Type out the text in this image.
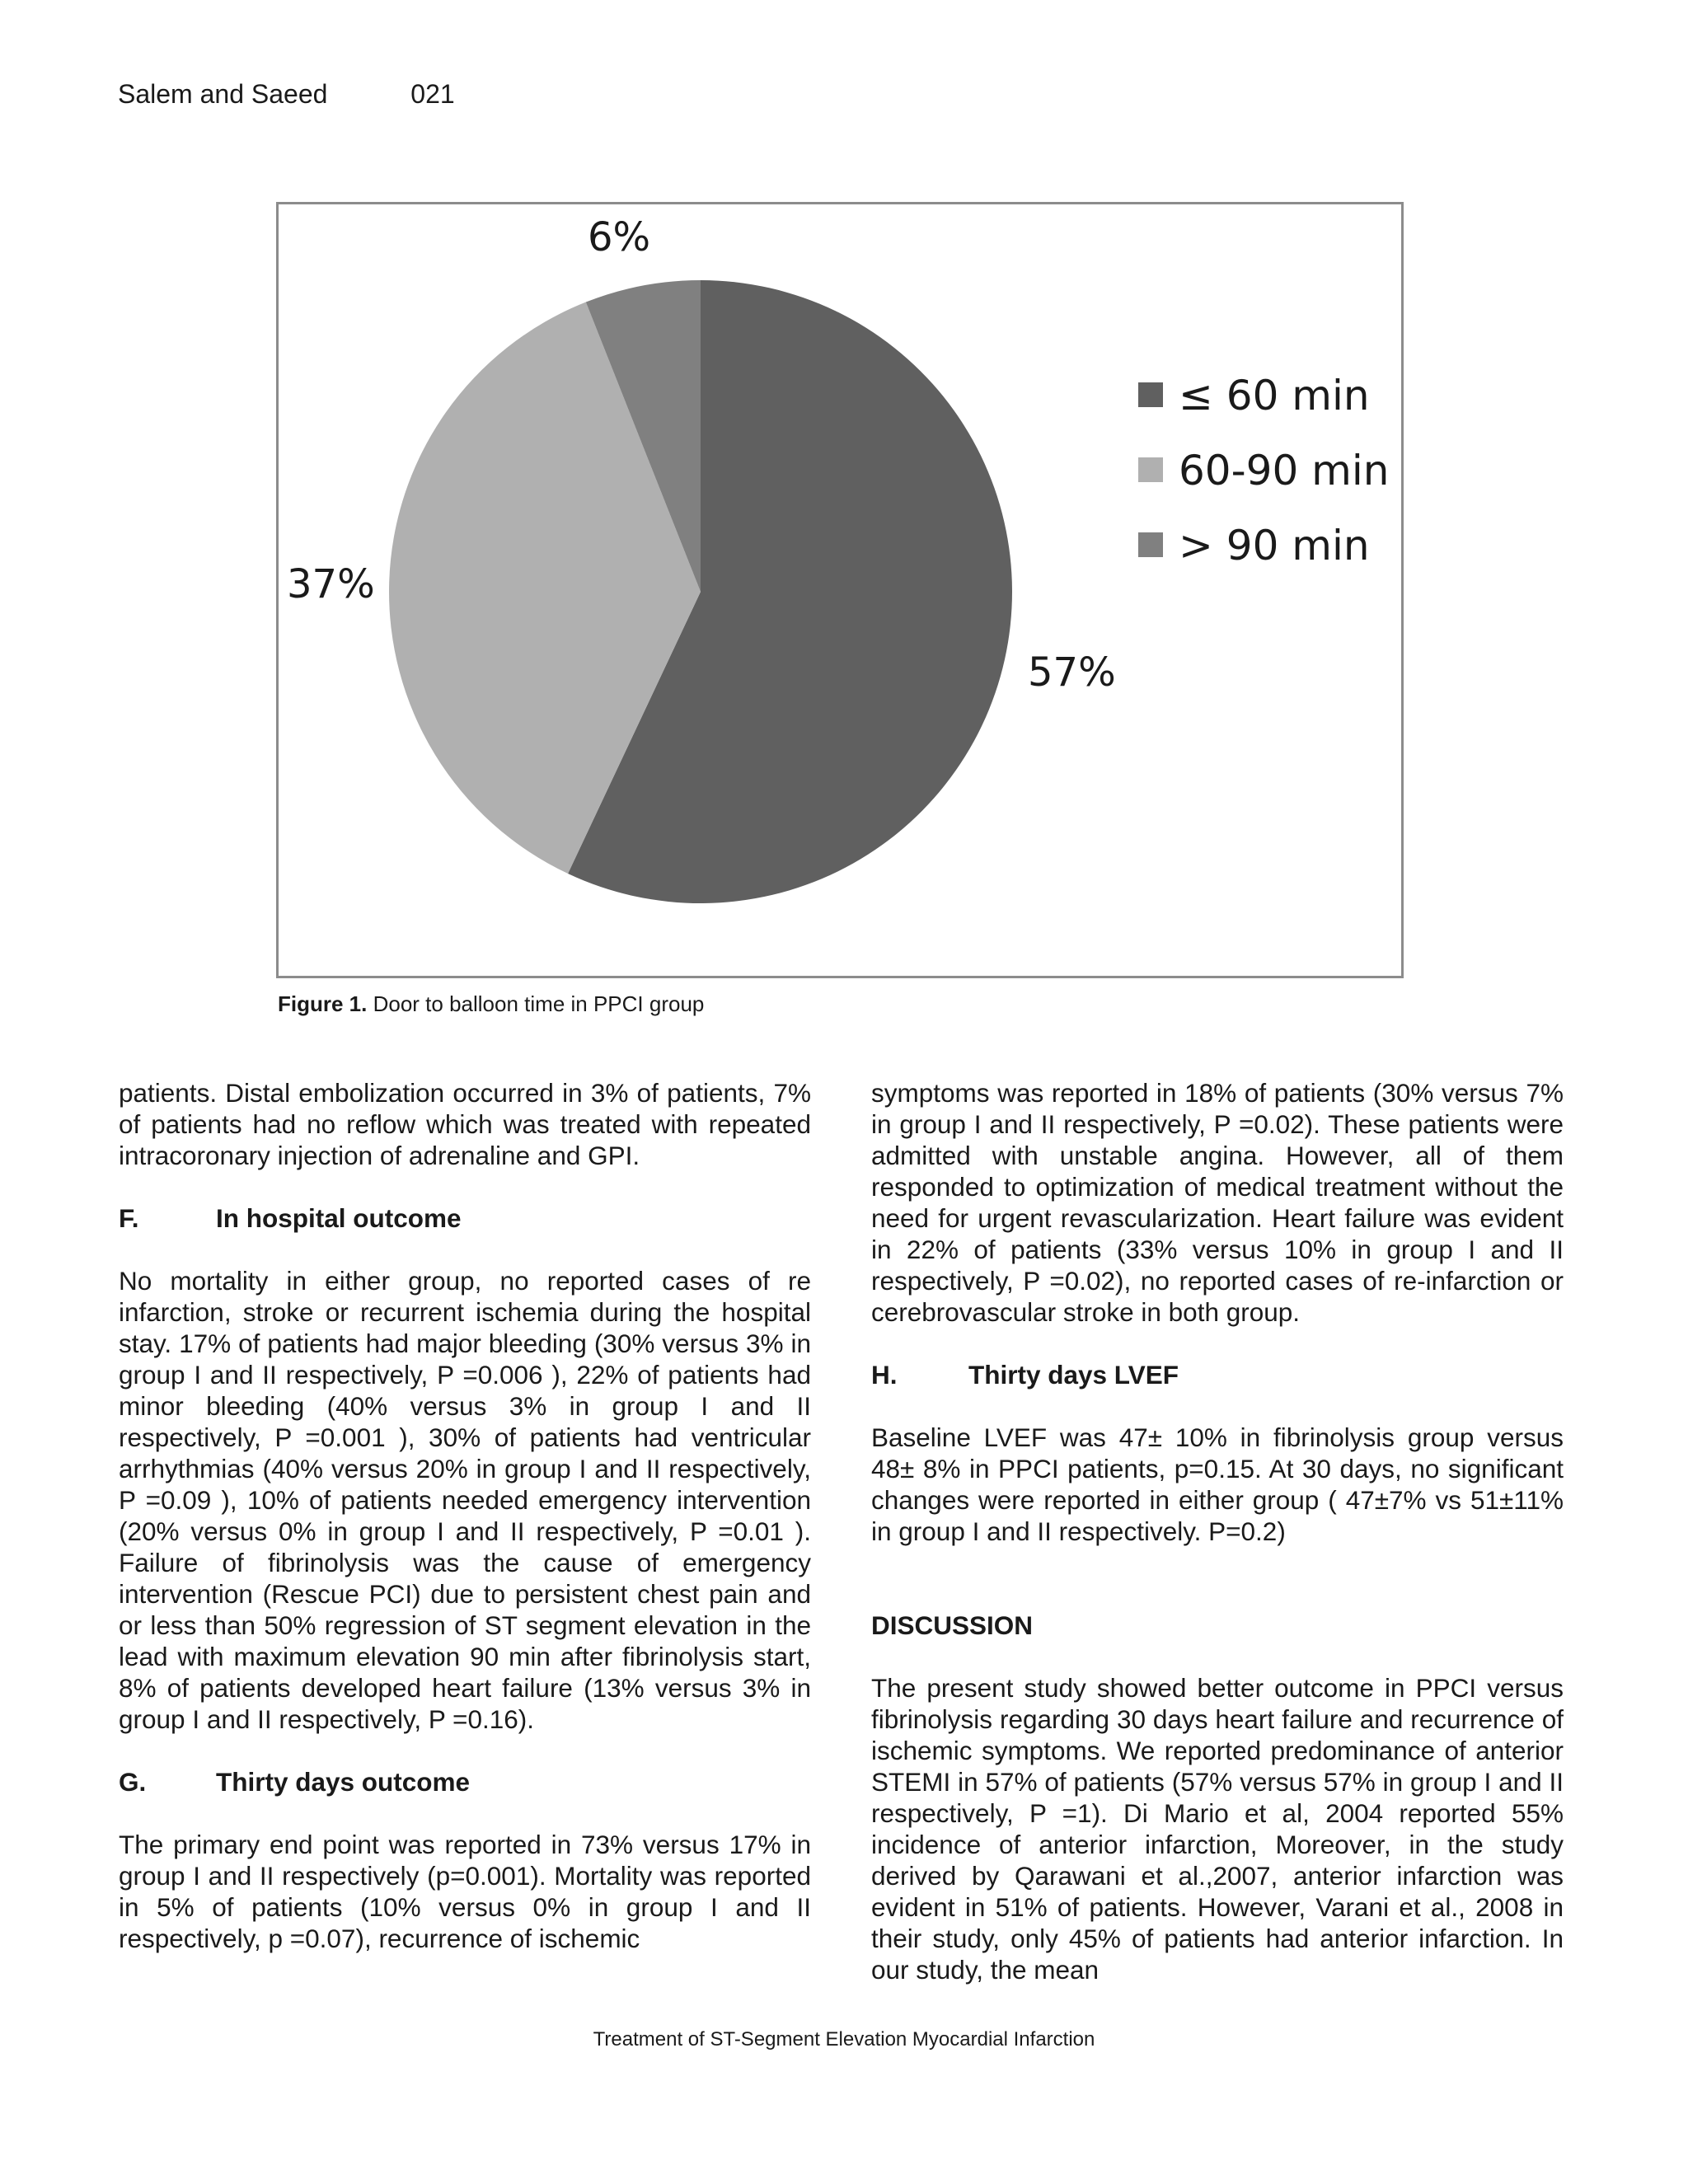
Salem and Saeed	021
57%
37%
6%
≤ 60 min
60-90 min
> 90 min
Figure 1. Door to balloon time in PPCI group

patients. Distal embolization occurred in 3% of patients, 7% of patients had no reflow which was treated with repeated intracoronary injection of adrenaline and GPI.

F.	In hospital outcome

No mortality in either group, no reported cases of re infarction, stroke or recurrent ischemia during the hospital stay. 17% of patients had major bleeding (30% versus 3% in group I and II respectively, P =0.006 ), 22% of patients had minor bleeding (40% versus 3% in group I and II respectively, P =0.001 ), 30% of patients had ventricular arrhythmias (40% versus 20% in group I and II respectively, P =0.09 ), 10% of patients needed emergency intervention (20% versus 0% in group I and II respectively, P =0.01 ). Failure of fibrinolysis was the cause of emergency intervention (Rescue PCI) due to persistent chest pain and or less than 50% regression of ST segment elevation in the lead with maximum elevation 90 min after fibrinolysis start, 8% of patients developed heart failure (13% versus 3% in group I and II respectively, P =0.16).

G.	Thirty days outcome

The primary end point was reported in 73% versus 17% in group I and II respectively (p=0.001). Mortality was reported in 5% of patients (10% versus 0% in group I and II respectively, p =0.07), recurrence of ischemic

symptoms was reported in 18% of patients (30% versus 7% in group I and II respectively, P =0.02). These patients were admitted with unstable angina. However, all of them responded to optimization of medical treatment without the need for urgent revascularization. Heart failure was evident in 22% of patients (33% versus 10% in group I and II respectively, P =0.02), no reported cases of re-infarction or cerebrovascular stroke in both group.

H.	Thirty days LVEF

Baseline LVEF was 47± 10% in fibrinolysis group versus 48± 8% in PPCI patients, p=0.15. At 30 days, no significant changes were reported in either group ( 47±7% vs 51±11% in group I and II respectively. P=0.2)

DISCUSSION

The present study showed better outcome in PPCI versus fibrinolysis regarding 30 days heart failure and recurrence of ischemic symptoms. We reported predominance of anterior STEMI in 57% of patients (57% versus 57% in group I and II respectively, P =1). Di Mario et al, 2004 reported 55% incidence of anterior infarction, Moreover, in the study derived by Qarawani et al.,2007, anterior infarction was evident in 51% of patients. However, Varani et al., 2008 in their study, only 45% of patients had anterior infarction. In our study, the mean

Treatment of ST-Segment Elevation Myocardial Infarction
